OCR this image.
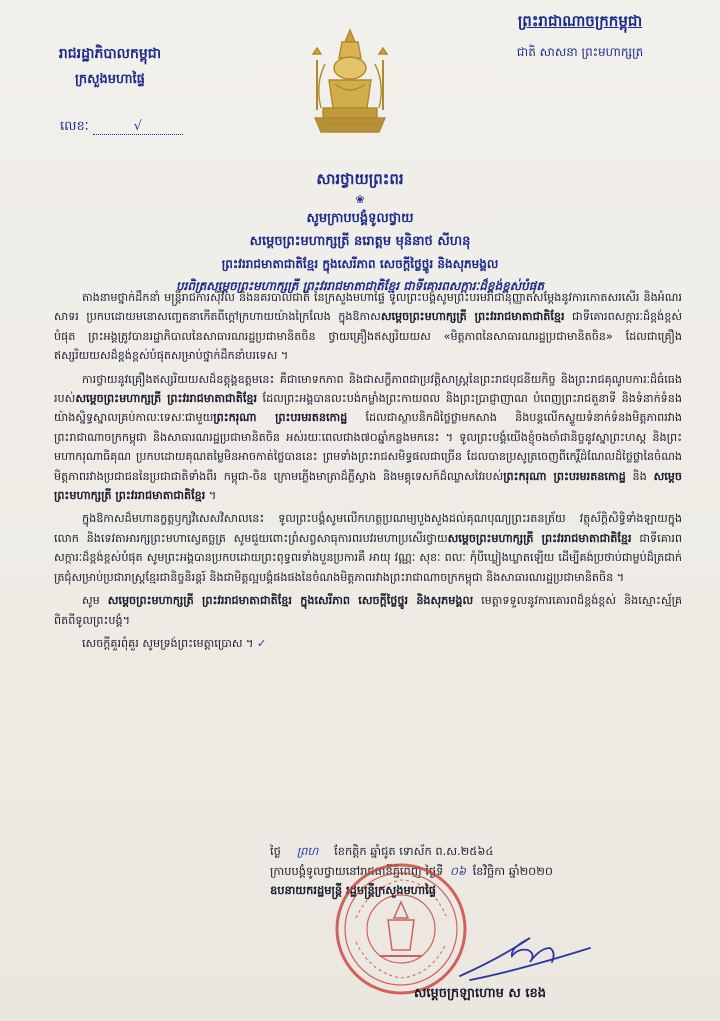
រាជរដ្ឋាភិបាលកម្ពុជា
ក្រសួងមហាផ្ទៃ
លេខៈ	√
ព្រះរាជាណាចក្រកម្ពុជា
ជាតិ សាសនា ព្រះមហាក្សត្រ
សារថ្វាយព្រះពរ
❀
សូមក្រាបបង្គំទូលថ្វាយ
សម្តេចព្រះមហាក្សត្រី នរោត្តម មុនិនាថ សីហនុ
ព្រះវររាជមាតាជាតិខ្មែរ ក្នុងសេរីភាព សេចក្តីថ្លៃថ្នូរ និងសុភមង្គល
បរពិត្រសម្តេចព្រះមហាក្សត្រី ព្រះវររាជមាតាជាតិខ្មែរ ជាទីគោរពសក្ការៈដ៏ខ្ពង់ខ្ពស់បំផុត

តាងនាមថ្នាក់ដឹកនាំ មន្ត្រីរាជការស៊ីវិល និងនគរបាលជាតិ នៃក្រសួងមហាផ្ទៃ ទូលព្រះបង្គំសូមព្រះបរមរាជានុញ្ញាតសម្តែងនូវការកោតសរសើរ និងអំណរសាទរ ប្រកបដោយមនោសញ្ចេតនាកើតពីក្តៅក្រហាយយ៉ាងក្រៃលែង ក្នុងឱកាសសម្តេចព្រះមហាក្សត្រី ព្រះវររាជមាតាជាតិខ្មែរ ជាទីគោរពសក្ការៈដ៏ខ្ពង់ខ្ពស់បំផុត ព្រះអង្គត្រូវបានរដ្ឋាភិបាលនៃសាធារណរដ្ឋប្រជាមានិតចិន ថ្វាយគ្រឿងឥស្សរិយយស «មិត្តភាពនៃសាធារណរដ្ឋប្រជាមានិតចិន» ដែលជាគ្រឿងឥស្សរិយយសដ៏ខ្ពង់ខ្ពស់បំផុតសម្រាប់ថ្នាក់ដឹកនាំបរទេស ។

ការថ្វាយនូវគ្រឿងឥស្សរិយយសដ៏ឧត្តុង្គឧត្តមនេះ គឺជាមោទកភាព និងជាសក្ខីភាពជាប្រវត្តិសាស្ត្រនៃព្រះរាជបុជនីយកិច្ច និងព្រះរាជគុណូបការៈដ៏ធំធេងរបស់សម្តេចព្រះមហាក្សត្រី ព្រះវររាជមាតាជាតិខ្មែរ ដែលព្រះអង្គបានលះបង់កម្លាំងព្រះកាយពល និងព្រះប្រាជ្ញាញាណ បំពេញព្រះរាជតួនាទី និងទំនាក់ទំនងយ៉ាងស្និទ្ធស្នាលគ្រប់កាលៈទេសៈជាមួយព្រះករុណា ព្រះបរមរតនកោដ្ឋ ដែលជាស្ថាបនិកដ៏ថ្លៃថ្លាមកសាង និងបន្តលើកស្ទួយទំនាក់ទំនងមិត្តភាពរវាងព្រះរាជាណាចក្រកម្ពុជា និងសាធារណរដ្ឋប្រជាមានិតចិន អស់រយៈពេលជាង៧០ឆ្នាំកន្លងមកនេះ ។ ទូលព្រះបង្គំយើងខ្ញុំចងចាំជានិច្ចនូវស្នាព្រះហស្ត និងព្រះមហាករុណាធិគុណ ប្រកបដោយគុណតម្លៃមិនអាចកាត់ថ្លៃបាននេះ ព្រមទាំងព្រះរាជសមិទ្ធផលជាច្រើន ដែលបានប្រសូត្រចេញពីកេរ្តិ៍ដំណែលដ៏ថ្លៃថ្លានៃចំណងមិត្តភាពរវាងប្រជាជននៃប្រជាជាតិទាំងពីរ កម្ពុជា-ចិន ក្រោមភ្លើងមាត្រាដ៏ភ្លឺស្វាង និងមគ្គុទេសក៍ដ៏ឈ្លាសវៃរបស់ព្រះករុណា ព្រះបរមរតនកោដ្ឋ និង សម្តេចព្រះមហាក្សត្រី ព្រះវររាជមាតាជាតិខ្មែរ ។

ក្នុងឱកាសដ៏មហានក្ខត្តឫក្សវិសេសវិសាលនេះ ទូលព្រះបង្គំសូមលើកហត្ថប្រណម្យបួងសួងដល់គុណបុណ្យព្រះរតនត្រ័យ វត្ថុស័ក្តិសិទ្ធិទាំងឡាយក្នុងលោក និងទេវតាអារក្សព្រះមហាស្វេតច្ឆត្រ សូមជួយពោះព្រំសព្វសាធុការពរបវរមហាប្រសើរថ្វាយសម្តេចព្រះមហាក្សត្រី ព្រះវររាជមាតាជាតិខ្មែរ ជាទីគោរពសក្ការៈដ៏ខ្ពង់ខ្ពស់បំផុត សូមព្រះអង្គបានប្រកបដោយព្រះពុទ្ធពរទាំងបួនប្រការគឺ អាយុ វណ្ណៈ សុខៈ ពលៈ កុំបីឃ្លៀងឃ្លាតឡើយ ដើម្បីគង់ប្រថាប់ជាម្លប់ដ៏ត្រជាក់ត្រជុំសម្រាប់ប្រជារាស្ត្រខ្មែរជានិច្ចនិរន្តរ៍ និងជាមិត្តល្អបង្គំផងផងនៃចំណងមិត្តភាពរវាងព្រះរាជាណាចក្រកម្ពុជា និងសាធារណរដ្ឋប្រជាមានិតចិន ។

សូម សម្តេចព្រះមហាក្សត្រី ព្រះវររាជមាតាជាតិខ្មែរ ក្នុងសេរីភាព សេចក្តីថ្លៃថ្នូរ និងសុភមង្គល មេត្តាទទួលនូវការគោរពដ៏ខ្ពង់ខ្ពស់ និងស្មោះស្ម័គ្រពិតពីទូលព្រះបង្គំ។

សេចក្តីគួរពុំគួរ សូមទ្រង់ព្រះមេត្តាប្រោស ។ ✓

ថ្ងៃ ព្រហ ខែកត្តិក ឆ្នាំជូត ទោស័ក ព.ស.២៥៦៤
ក្រាបបង្គំទូលថ្វាយនៅរាជធានីភ្នំពេញ ថ្ងៃទី ០៦ ខែវិច្ឆិកា ឆ្នាំ២០២០
ឧបនាយករដ្ឋមន្ត្រី រដ្ឋមន្ត្រីក្រសួងមហាផ្ទៃ
សម្តេចក្រឡាហោម ស ខេង
